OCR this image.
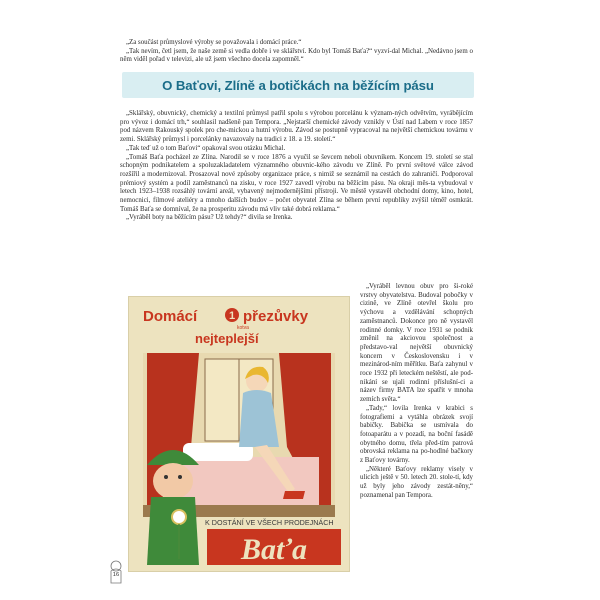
„Za součást průmyslové výroby se považovala i domácí práce.“

„Tak nevím, četl jsem, že naše země si vedla dobře i ve sklářství. Kdo byl Tomáš Baťa?“ vyzví-dal Michal. „Nedávno jsem o něm viděl pořad v televizi, ale už jsem všechno docela zapomněl.“

O Baťovi, Zlíně a botičkách na běžícím pásu

„Sklářský, obuvnický, chemický a textilní průmysl patřil spolu s výrobou porcelánu k význam-ných odvětvím, vyrábějícím pro vývoz i domácí trh,“ souhlasil nadšeně pan Tempora. „Nejstarší chemické závody vznikly v Ústí nad Labem v roce 1857 pod názvem Rakouský spolek pro che-mickou a hutní výrobu. Závod se postupně vypracoval na největší chemickou továrnu v zemi. Sklářský průmysl i porcelánky navazovaly na tradici z 18. a 19. století.“

„Tak teď už o tom Baťovi“ opakoval svou otázku Michal.

„Tomáš Baťa pocházel ze Zlína. Narodil se v roce 1876 a vyučil se ševcem neboli obuvníkem. Koncem 19. století se stal schopným podnikatelem a spoluzakladatelem významného obuvnic-kého závodu ve Zlíně. Po první světové válce závod rozšířil a modernizoval. Prosazoval nové způsoby organizace práce, s nimiž se seznámil na cestách do zahraničí. Podporoval prémiový systém a podíl zaměstnanců na zisku, v roce 1927 zavedl výrobu na běžícím pásu. Na okraji měs-ta vybudoval v letech 1923–1938 rozsáhlý tovární areál, vybavený nejmodernějšími přístroji. Ve městě vystavěl obchodní domy, kino, hotel, nemocnici, filmové ateliéry a mnoho dalších budov – počet obyvatel Zlína se během první republiky zvýšil téměř osmkrát. Tomáš Baťa se domníval, že na prosperitu závodu má vliv také dobrá reklama.“

„Vyráběl boty na běžícím pásu? Už tehdy?“ divila se Irenka.

Domácí	1 přezůvky
kotva
nejteplejší
K DOSTÁNÍ VE VŠECH PRODEJNÁCH
Baťa

„Vyráběl levnou obuv pro ši-roké vrstvy obyvatelstva. Budoval pobočky v cizině, ve Zlíně otevřel školu pro výchovu a vzdělávání schopných zaměstnanců. Dokonce pro ně vystavěl rodinné domky. V roce 1931 se podnik změnil na akciovou společnost a představo-val největší obuvnický koncern v Československu i v mezinárod-ním měřítku. Baťa zahynul v roce 1932 při leteckém neštěstí, ale pod-nikání se ujali rodinní příslušní-ci a název firmy BATA lze spatřit v mnoha zemích světa.“

„Tady,“ lovila Irenka v krabici s fotografiemi a vytáhla obrázek svojí babičky. Babička se usmívala do fotoaparátu a v pozadí, na boční fasádě obytného domu, třela před-tím patrová obrovská reklama na po-hodlné bačkory z Baťovy továrny.

„Některé Baťovy reklamy visely v ulicích ještě v 50. letech 20. stole-tí, kdy už byly jeho závody zestát-něny,“ poznamenal pan Tempora.

16
